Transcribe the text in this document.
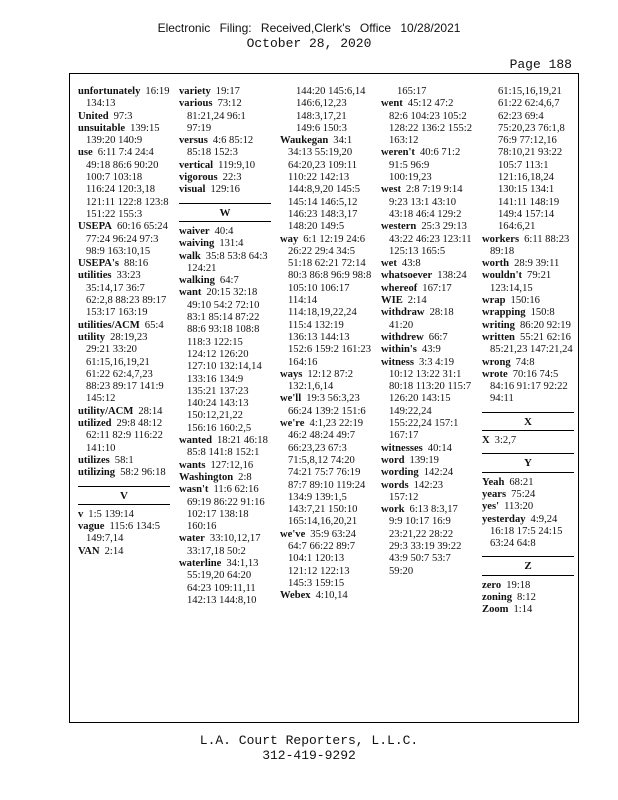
Electronic Filing: Received,Clerk's Office 10/28/2021
October 28, 2020
Page 188
unfortunately 16:19 134:13
United 97:3
unsuitable 139:15 139:20 140:9
use 6:11 7:4 24:4 49:18 86:6 90:20 100:7 103:18 116:24 120:3,18 121:11 122:8 123:8 151:22 155:3
USEPA 60:16 65:24 77:24 96:24 97:3 98:9 163:10,15
USEPA's 88:16
utilities 33:23 35:14,17 36:7 62:2,8 88:23 89:17 153:17 163:19
utilities/ACM 65:4
utility 28:19,23 29:21 33:20 61:15,16,19,21 61:22 62:4,7,23 88:23 89:17 141:9 145:12
utility/ACM 28:14
utilized 29:8 48:12 62:11 82:9 116:22 141:10
utilizes 58:1
utilizing 58:2 96:18
V
v 1:5 139:14
vague 115:6 134:5 149:7,14
VAN 2:14
variety 19:17
various 73:12 81:21,24 96:1 97:19
versus 4:6 85:12 85:18 152:3
vertical 119:9,10
vigorous 22:3
visual 129:16
W
waiver 40:4
waiving 131:4
walk 35:8 53:8 64:3 124:21
walking 64:7
want 20:15 32:18 49:10 54:2 72:10 83:1 85:14 87:22 88:6 93:18 108:8 118:3 122:15 124:12 126:20 127:10 132:14,14 133:16 134:9 135:21 137:23 140:24 143:13 150:12,21,22 156:16 160:2,5
wanted 18:21 46:18 85:8 141:8 152:1
wants 127:12,16
Washington 2:8
wasn't 11:6 62:16 69:19 86:22 91:16 102:17 138:18 160:16
water 33:10,12,17 33:17,18 50:2
waterline 34:1,13 55:19,20 64:20 64:23 109:11,11 142:13 144:8,10
144:20 145:6,14 146:6,12,23 148:3,17,21 149:6 150:3
Waukegan 34:1 34:13 55:19,20 64:20,23 109:11 110:22 142:13 144:8,9,20 145:5 145:14 146:5,12 146:23 148:3,17 148:20 149:5
way 6:1 12:19 24:6 26:22 29:4 34:5 51:18 62:21 72:14 80:3 86:8 96:9 98:8 105:10 106:17 114:14 114:18,19,22,24 115:4 132:19 136:13 144:13 152:6 159:2 161:23 164:16
ways 12:12 87:2 132:1,6,14
we'll 19:3 56:3,23 66:24 139:2 151:6
we're 4:1,23 22:19 46:2 48:24 49:7 66:23,23 67:3 71:5,8,12 74:20 74:21 75:7 76:19 87:7 89:10 119:24 134:9 139:1,5 143:7,21 150:10 165:14,16,20,21
we've 35:9 63:24 64:7 66:22 89:7 104:1 120:13 121:12 122:13 145:3 159:15
Webex 4:10,14
165:17
went 45:12 47:2 82:6 104:23 105:2 128:22 136:2 155:2 163:12
weren't 40:6 71:2 91:5 96:9 100:19,23
west 2:8 7:19 9:14 9:23 13:1 43:10 43:18 46:4 129:2
western 25:3 29:13 43:22 46:23 123:11 125:13 165:5
wet 43:8
whatsoever 138:24
whereof 167:17
WIE 2:14
withdraw 28:18 41:20
withdrew 66:7
within's 43:9
witness 3:3 4:19 10:12 13:22 31:1 80:18 113:20 115:7 126:20 143:15 149:22,24 155:22,24 157:1 167:17
witnesses 40:14
word 139:19
wording 142:24
words 142:23 157:12
work 6:13 8:3,17 9:9 10:17 16:9 23:21,22 28:22 29:3 33:19 39:22 43:9 50:7 53:7 59:20
61:15,16,19,21 61:22 62:4,6,7 62:23 69:4 75:20,23 76:1,8 76:9 77:12,16 78:10,21 93:22 105:7 113:1 121:16,18,24 130:15 134:1 141:11 148:19 149:4 157:14 164:6,21
workers 6:11 88:23 89:18
worth 28:9 39:11
wouldn't 79:21 123:14,15
wrap 150:16
wrapping 150:8
writing 86:20 92:19
written 55:21 62:16 85:21,23 147:21,24
wrong 74:8
wrote 70:16 74:5 84:16 91:17 92:22 94:11
X
X 3:2,7
Y
Yeah 68:21
years 75:24
yes' 113:20
yesterday 4:9,24 16:18 17:5 24:15 63:24 64:8
Z
zero 19:18
zoning 8:12
Zoom 1:14
L.A. Court Reporters, L.L.C.
312-419-9292
